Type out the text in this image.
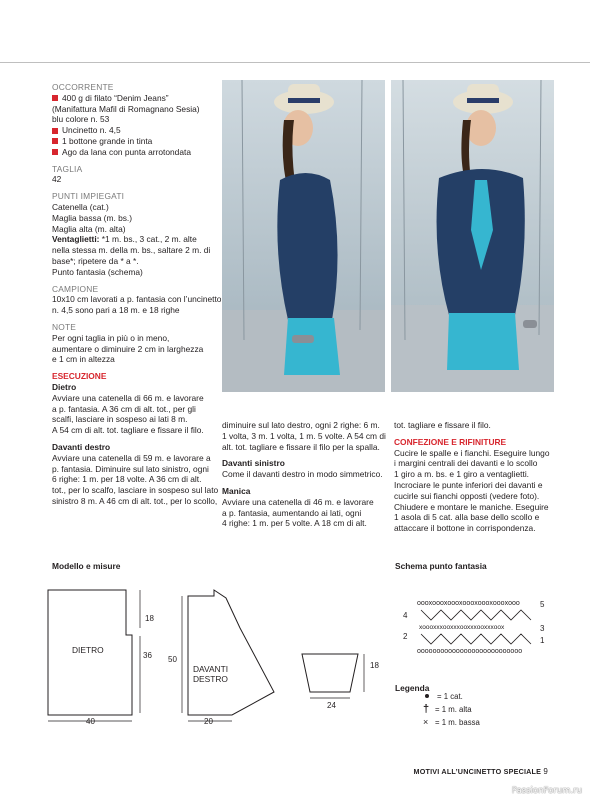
OCCORRENTE
400 g di filato “Denim Jeans”
(Manifattura Mafil di Romagnano Sesia)
blu colore n. 53
Uncinetto n. 4,5
1 bottone grande in tinta
Ago da lana con punta arrotondata
TAGLIA
42
PUNTI IMPIEGATI
Catenella (cat.)
Maglia bassa (m. bs.)
Maglia alta (m. alta)
Ventaglietti: *1 m. bs., 3 cat., 2 m. alte
nella stessa m. della m. bs., saltare 2 m. di
base*; ripetere da * a *.
Punto fantasia (schema)
CAMPIONE
10x10 cm lavorati a p. fantasia con l’uncinetto
n. 4,5 sono pari a 18 m. e 18 righe
NOTE
Per ogni taglia in più o in meno,
aumentare o diminuire 2 cm in larghezza
e 1 cm in altezza
ESECUZIONE
Dietro
Avviare una catenella di 66 m. e lavorare
a p. fantasia. A 36 cm di alt. tot., per gli
scalfi, lasciare in sospeso ai lati 8 m.
A 54 cm di alt. tot. tagliare e fissare il filo.
Davanti destro
Avviare una catenella di 59 m. e lavorare a
p. fantasia. Diminuire sul lato sinistro, ogni
6 righe: 1 m. per 18 volte. A 36 cm di alt.
tot., per lo scalfo, lasciare in sospeso sul lato
sinistro 8 m. A 46 cm di alt. tot., per lo scollo,
diminuire sul lato destro, ogni 2 righe: 6 m.
1 volta, 3 m. 1 volta, 1 m. 5 volte. A 54 cm di
alt. tot. tagliare e fissare il filo per la spalla.
Davanti sinistro
Come il davanti destro in modo simmetrico.
Manica
Avviare una catenella di 46 m. e lavorare
a p. fantasia, aumentando ai lati, ogni
4 righe: 1 m. per 5 volte. A 18 cm di alt.
tot. tagliare e fissare il filo.
CONFEZIONE E RIFINITURE
Cucire le spalle e i fianchi. Eseguire lungo
i margini centrali dei davanti e lo scollo
1 giro a m. bs. e 1 giro a ventaglietti.
Incrociare le punte inferiori dei davanti e
cucirle sui fianchi opposti (vedere foto).
Chiudere e montare le maniche. Eseguire
1 asola di 5 cat. alla base dello scollo e
attaccare il bottone in corrispondenza.
Modello e misure
DIETRO
18
36
40
DAVANTI
DESTRO
50
20
18
24
Schema punto fantasia
oooxoooxoooxoooxoooxoooxooo
xoooxxxooxxxooxxxooxxxoox
ooooooooooooooooooooooooooo
5
3
1
4
2
Legenda
= 1 cat.
† = 1 m. alta
× = 1 m. bassa
MOTIVI ALL’UNCINETTO SPECIALE 9
PassionForum.ru
